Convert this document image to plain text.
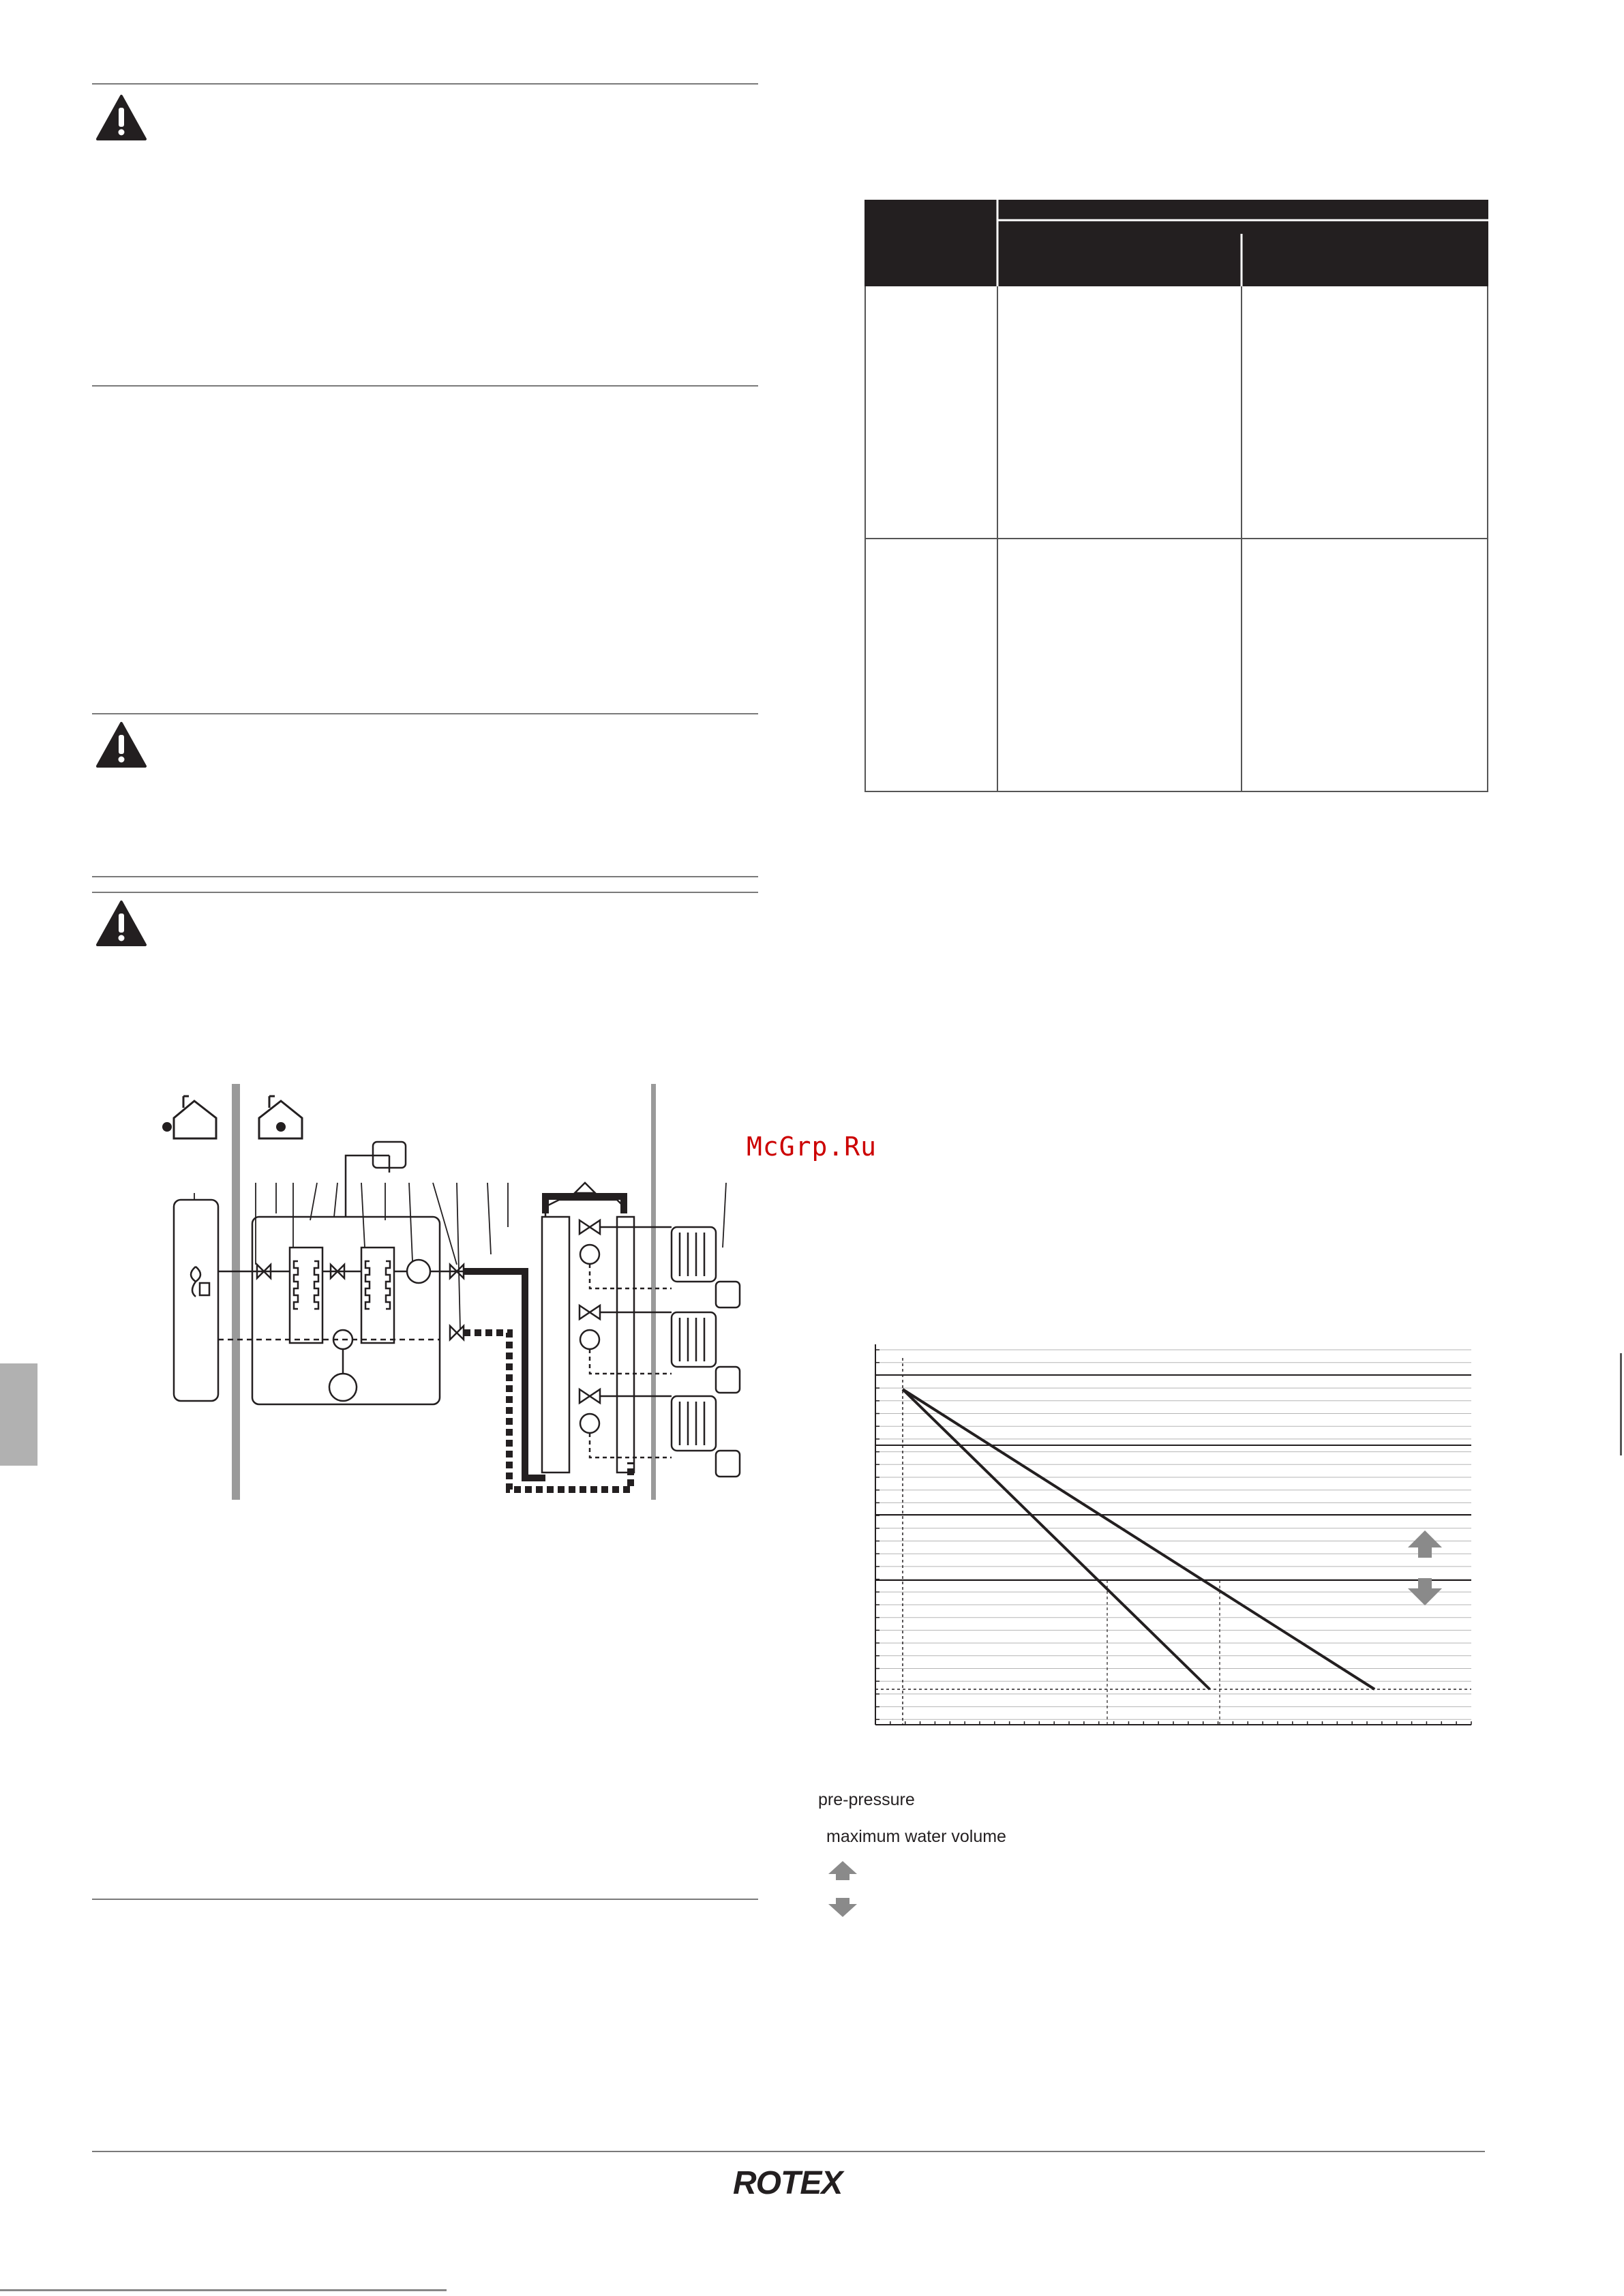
McGrp.Ru
pre-pressure
maximum water volume
ROTEX
